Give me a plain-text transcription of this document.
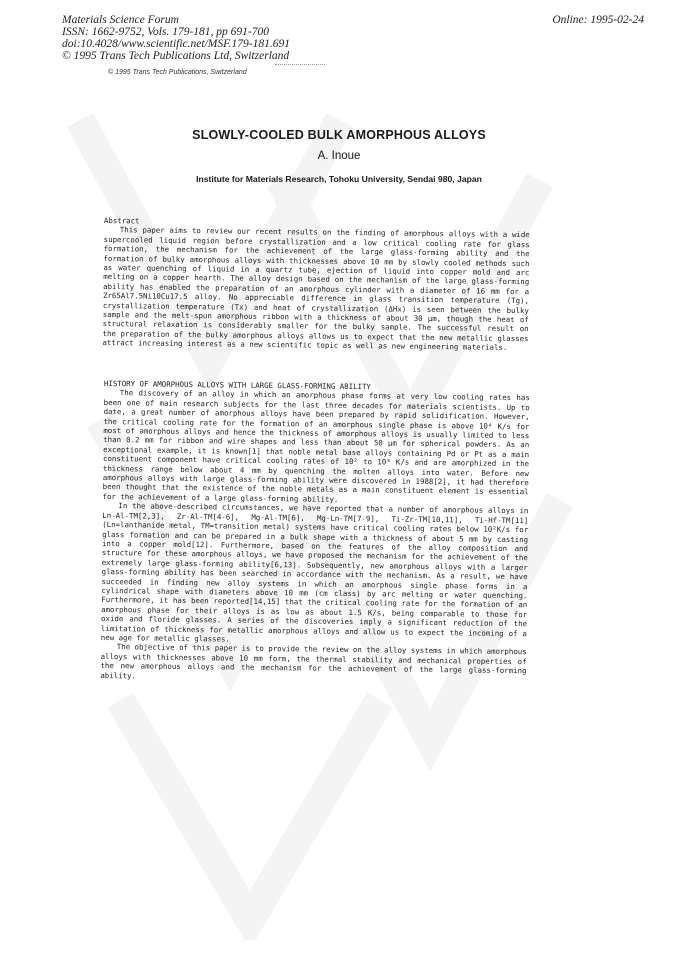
Materials Science Forum
ISSN: 1662-9752, Vols. 179-181, pp 691-700
doi:10.4028/www.scientific.net/MSF.179-181.691
© 1995 Trans Tech Publications Ltd, Switzerland
Online: 1995-02-24
© 1995 Trans Tech Publications, Switzerland
SLOWLY-COOLED BULK AMORPHOUS ALLOYS
A. Inoue
Institute for Materials Research, Tohoku University, Sendai 980, Japan

Abstract

This paper aims to review our recent results on the finding of amorphous alloys with a wide supercooled liquid region before crystallization and a low critical cooling rate for glass formation, the mechanism for the achievement of the large glass-forming ability and the formation of bulky amorphous alloys with thicknesses above 10 mm by slowly cooled methods such as water quenching of liquid in a quartz tube, ejection of liquid into copper mold and arc melting on a copper hearth. The alloy design based on the mechanism of the large glass-forming ability has enabled the preparation of an amorphous cylinder with a diameter of 16 mm for a Zr65Al7.5Ni10Cu17.5 alloy. No appreciable difference in glass transition temperature (Tg), crystallization temperature (Tx) and heat of crystallization (ΔHx) is seen between the bulky sample and the melt-spun amorphous ribbon with a thickness of about 30 μm, though the heat of structural relaxation is considerably smaller for the bulky sample. The successful result on the preparation of the bulky amorphous alloys allows us to expect that the new metallic glasses attract increasing interest as a new scientific topic as well as new engineering materials.

HISTORY OF AMORPHOUS ALLOYS WITH LARGE GLASS-FORMING ABILITY

The discovery of an alloy in which an amorphous phase forms at very low cooling rates has been one of main research subjects for the last three decades for materials scientists. Up to date, a great number of amorphous alloys have been prepared by rapid solidification. However, the critical cooling rate for the formation of an amorphous single phase is above 10⁴ K/s for most of amorphous alloys and hence the thickness of amorphous alloys is usually limited to less than 0.2 mm for ribbon and wire shapes and less than about 50 μm for spherical powders. As an exceptional example, it is known[1] that noble metal base alloys containing Pd or Pt as a main constituent component have critical cooling rates of 10² to 10³ K/s and are amorphized in the thickness range below about 4 mm by quenching the molten alloys into water. Before new amorphous alloys with large glass-forming ability were discovered in 1988[2], it had therefore been thought that the existence of the noble metals as a main constituent element is essential for the achievement of a large glass-forming ability.

In the above-described circumstances, we have reported that a number of amorphous alloys in Ln-Al-TM[2,3], Zr-Al-TM[4-6], Mg-Al-TM[6], Mg-Ln-TM[7-9], Ti-Zr-TM[10,11], Ti-Hf-TM[11] (Ln=lanthanide metal, TM=transition metal) systems have critical cooling rates below 10²K/s for glass formation and can be prepared in a bulk shape with a thickness of about 5 mm by casting into a copper mold[12]. Furthermore, based on the features of the alloy composition and structure for these amorphous alloys, we have proposed the mechanism for the achievement of the extremely large glass-forming ability[6,13]. Subsequently, new amorphous alloys with a larger glass-forming ability has been searched in accordance with the mechanism. As a result, we have succeeded in finding new alloy systems in which an amorphous single phase forms in a cylindrical shape with diameters above 10 mm (cm class) by arc melting or water quenching. Furthermore, it has been reported[14,15] that the critical cooling rate for the formation of an amorphous phase for their alloys is as low as about 1.5 K/s, being comparable to those for oxide and floride glasses. A series of the discoveries imply a significant reduction of the limitation of thickness for metallic amorphous alloys and allow us to expect the incoming of a new age for metallic glasses.

The objective of this paper is to provide the review on the alloy systems in which amorphous alloys with thicknesses above 10 mm form, the thermal stability and mechanical properties of the new amorphous alloys and the mechanism for the achievement of the large glass-forming ability.
